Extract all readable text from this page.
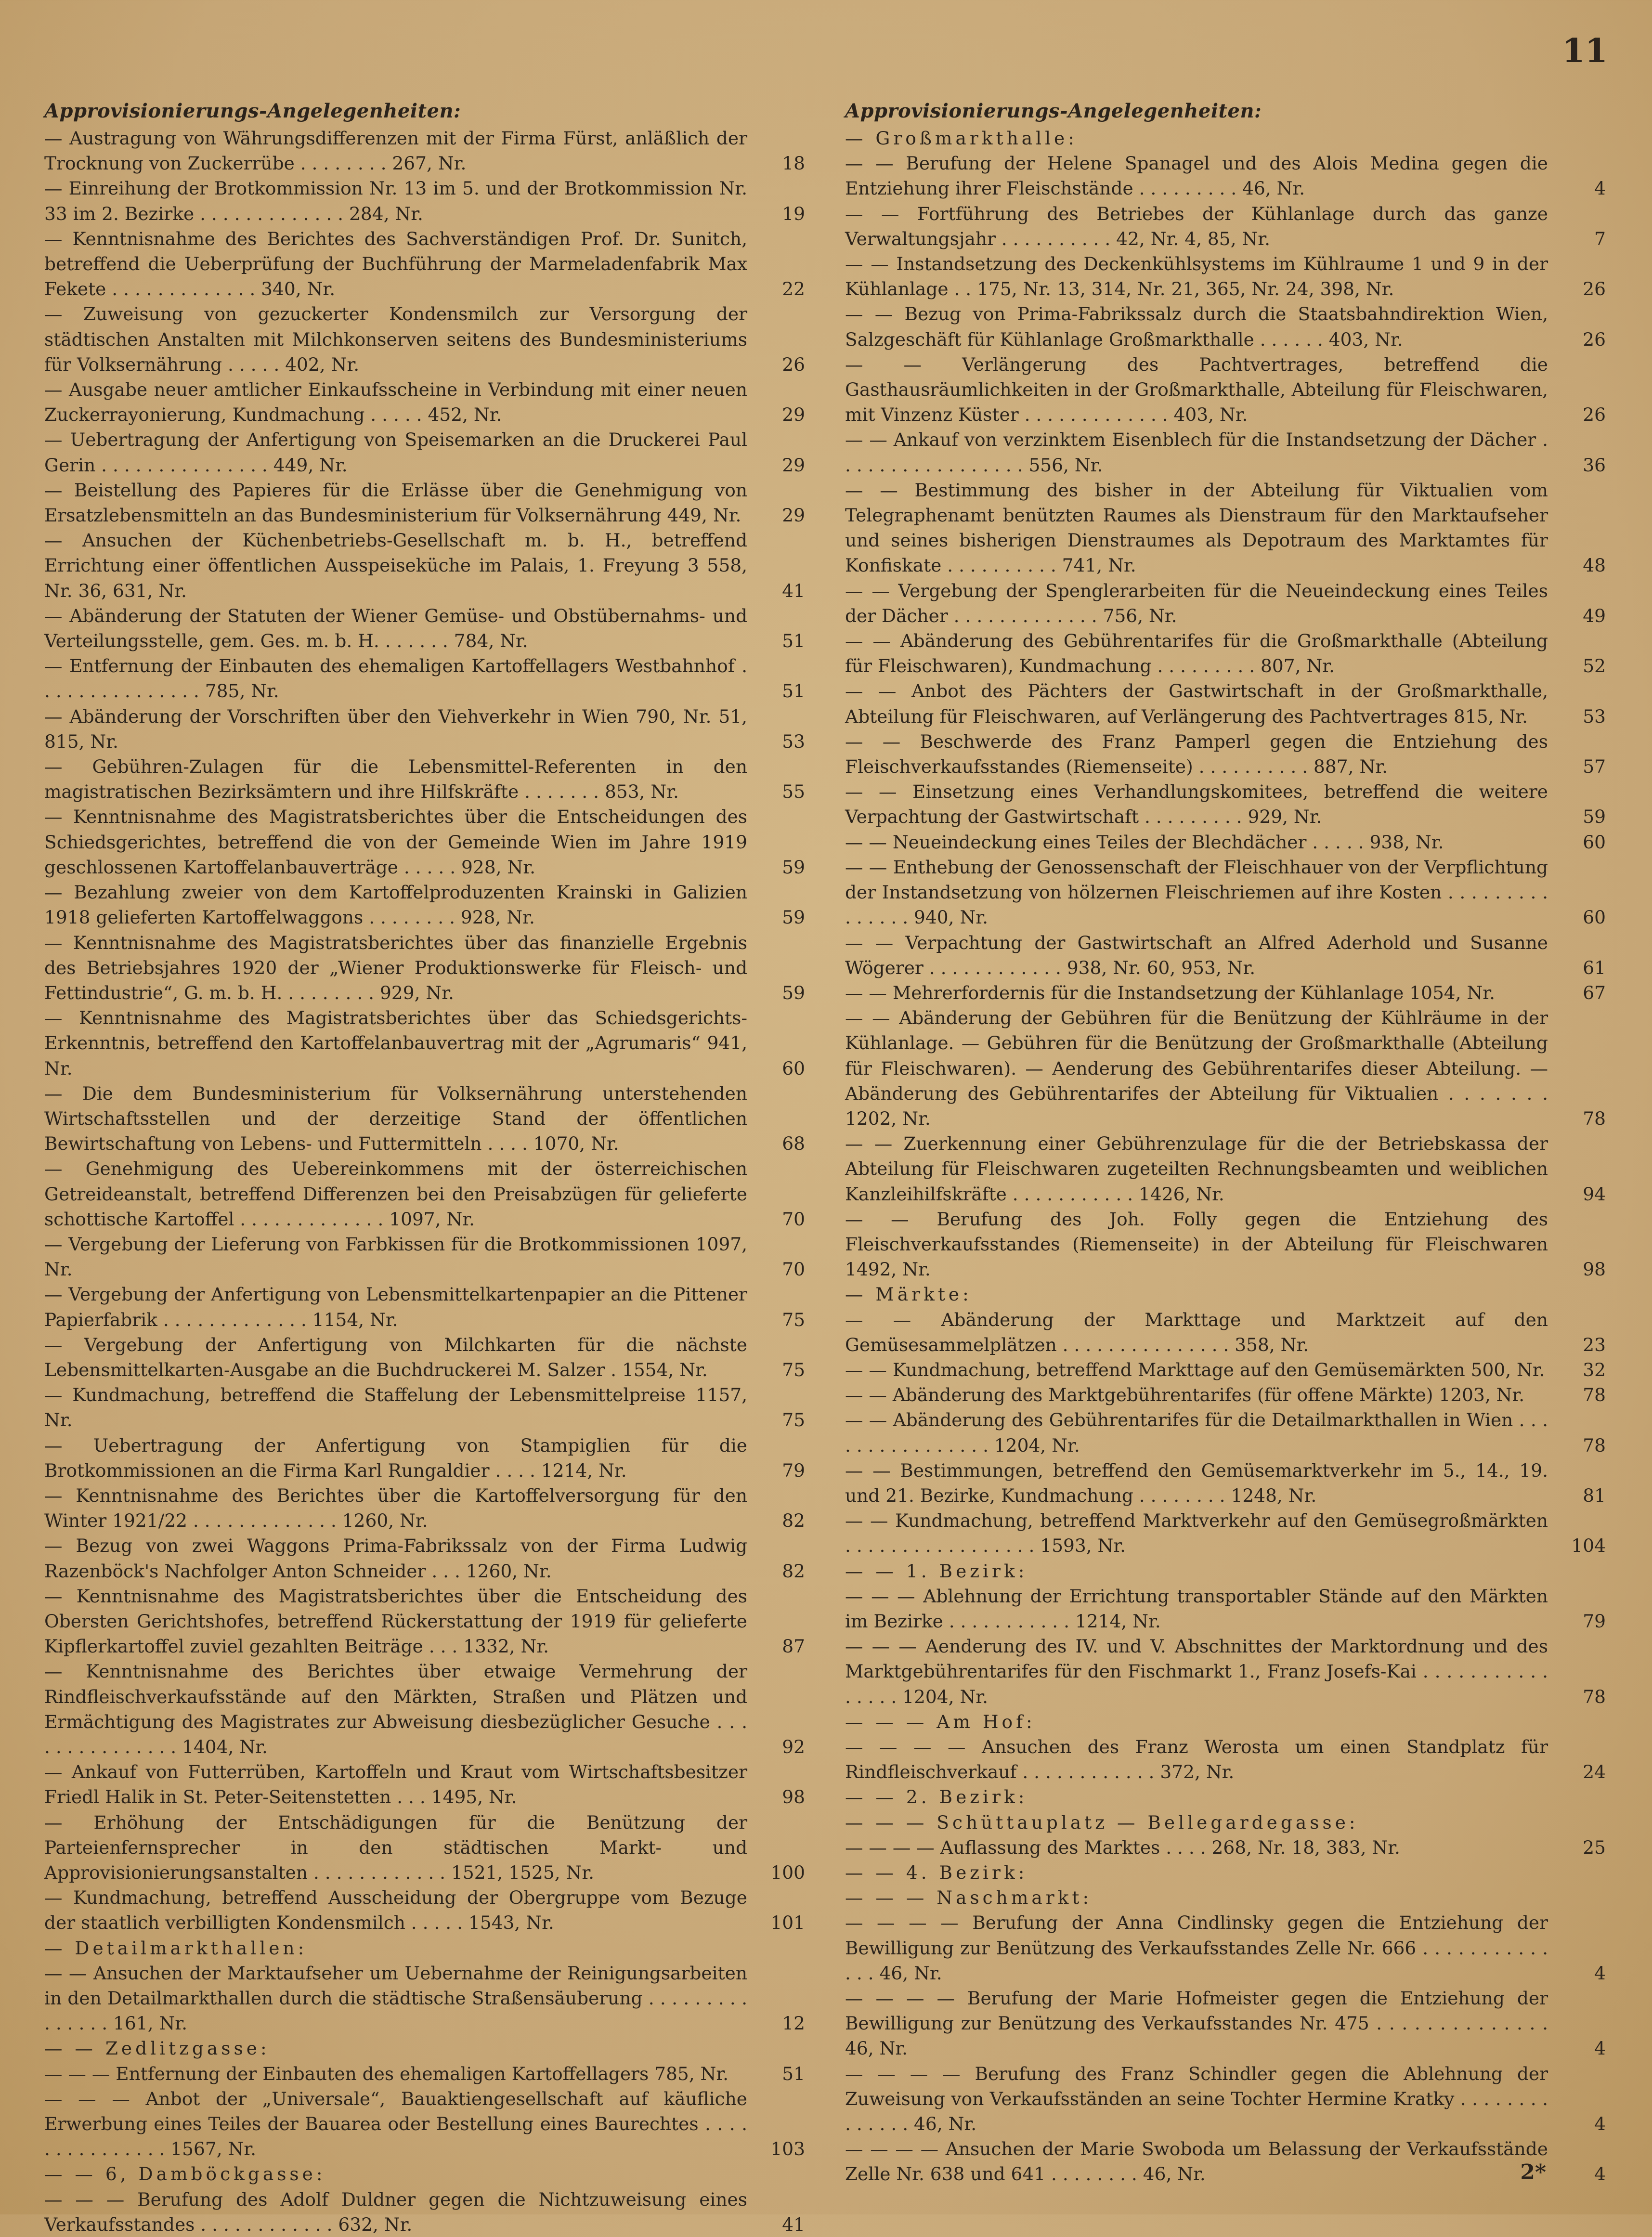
11
Approvisionierungs-Angelegenheiten:
— Austragung von Währungsdifferenzen mit der Firma Fürst, anläßlich der Trocknung von Zuckerrübe . . . . . . . . 267, Nr.	18
— Einreihung der Brotkommission Nr. 13 im 5. und der Brotkommission Nr. 33 im 2. Bezirke . . . . . . . . . . . . . 284, Nr.	19
— Kenntnisnahme des Berichtes des Sachverständigen Prof. Dr. Sunitch, betreffend die Ueberprüfung der Buchführung der Marmeladenfabrik Max Fekete . . . . . . . . . . . . . 340, Nr.	22
— Zuweisung von gezuckerter Kondensmilch zur Versorgung der städtischen Anstalten mit Milchkonserven seitens des Bundesministeriums für Volksernährung . . . . . 402, Nr.	26
— Ausgabe neuer amtlicher Einkaufsscheine in Verbindung mit einer neuen Zuckerrayonierung, Kundmachung . . . . . 452, Nr.	29
— Uebertragung der Anfertigung von Speisemarken an die Druckerei Paul Gerin . . . . . . . . . . . . . . . 449, Nr.	29
— Beistellung des Papieres für die Erlässe über die Genehmigung von Ersatzlebensmitteln an das Bundesministerium für Volksernährung 449, Nr.	29
— Ansuchen der Küchenbetriebs-Gesellschaft m. b. H., betreffend Errichtung einer öffentlichen Ausspeiseküche im Palais, 1. Freyung 3 558, Nr. 36, 631, Nr.	41
— Abänderung der Statuten der Wiener Gemüse- und Obstübernahms- und Verteilungsstelle, gem. Ges. m. b. H. . . . . . . 784, Nr.	51
— Entfernung der Einbauten des ehemaligen Kartoffellagers Westbahnhof . . . . . . . . . . . . . . . 785, Nr.	51
— Abänderung der Vorschriften über den Viehverkehr in Wien 790, Nr. 51, 815, Nr.	53
— Gebühren-Zulagen für die Lebensmittel-Referenten in den magistratischen Bezirksämtern und ihre Hilfskräfte . . . . . . . 853, Nr.	55
— Kenntnisnahme des Magistratsberichtes über die Entscheidungen des Schiedsgerichtes, betreffend die von der Gemeinde Wien im Jahre 1919 geschlossenen Kartoffelanbauverträge . . . . . 928, Nr.	59
— Bezahlung zweier von dem Kartoffelproduzenten Krainski in Galizien 1918 gelieferten Kartoffelwaggons . . . . . . . . 928, Nr.	59
— Kenntnisnahme des Magistratsberichtes über das finanzielle Ergebnis des Betriebsjahres 1920 der „Wiener Produktionswerke für Fleisch- und Fettindustrie“, G. m. b. H. . . . . . . . . 929, Nr.	59
— Kenntnisnahme des Magistratsberichtes über das Schiedsgerichts-Erkenntnis, betreffend den Kartoffelanbauvertrag mit der „Agrumaris“ 941, Nr.	60
— Die dem Bundesministerium für Volksernährung unterstehenden Wirtschaftsstellen und der derzeitige Stand der öffentlichen Bewirtschaftung von Lebens- und Futtermitteln . . . . 1070, Nr.	68
— Genehmigung des Uebereinkommens mit der österreichischen Getreideanstalt, betreffend Differenzen bei den Preisabzügen für gelieferte schottische Kartoffel . . . . . . . . . . . . . 1097, Nr.	70
— Vergebung der Lieferung von Farbkissen für die Brotkommissionen 1097, Nr.	70
— Vergebung der Anfertigung von Lebensmittelkartenpapier an die Pittener Papierfabrik . . . . . . . . . . . . . 1154, Nr.	75
— Vergebung der Anfertigung von Milchkarten für die nächste Lebensmittelkarten-Ausgabe an die Buchdruckerei M. Salzer . 1554, Nr.	75
— Kundmachung, betreffend die Staffelung der Lebensmittelpreise 1157, Nr.	75
— Uebertragung der Anfertigung von Stampiglien für die Brotkommissionen an die Firma Karl Rungaldier . . . . 1214, Nr.	79
— Kenntnisnahme des Berichtes über die Kartoffelversorgung für den Winter 1921/22 . . . . . . . . . . . . . 1260, Nr.	82
— Bezug von zwei Waggons Prima-Fabrikssalz von der Firma Ludwig Razenböck's Nachfolger Anton Schneider . . . 1260, Nr.	82
— Kenntnisnahme des Magistratsberichtes über die Entscheidung des Obersten Gerichtshofes, betreffend Rückerstattung der 1919 für gelieferte Kipflerkartoffel zuviel gezahlten Beiträge . . . 1332, Nr.	87
— Kenntnisnahme des Berichtes über etwaige Vermehrung der Rindfleischverkaufsstände auf den Märkten, Straßen und Plätzen und Ermächtigung des Magistrates zur Abweisung diesbezüglicher Gesuche . . . . . . . . . . . . . . . 1404, Nr.	92
— Ankauf von Futterrüben, Kartoffeln und Kraut vom Wirtschaftsbesitzer Friedl Halik in St. Peter-Seitenstetten . . . 1495, Nr.	98
— Erhöhung der Entschädigungen für die Benützung der Parteienfernsprecher in den städtischen Markt- und Approvisionierungsanstalten . . . . . . . . . . . . 1521, 1525, Nr.	100
— Kundmachung, betreffend Ausscheidung der Obergruppe vom Bezuge der staatlich verbilligten Kondensmilch . . . . . 1543, Nr.	101
— Detailmarkthallen:
— — Ansuchen der Marktaufseher um Uebernahme der Reinigungsarbeiten in den Detailmarkthallen durch die städtische Straßensäuberung . . . . . . . . . . . . . . . 161, Nr.	12
— — Zedlitzgasse:
— — — Entfernung der Einbauten des ehemaligen Kartoffellagers 785, Nr.	51
— — — Anbot der „Universale“, Bauaktiengesellschaft auf käufliche Erwerbung eines Teiles der Bauarea oder Bestellung eines Baurechtes . . . . . . . . . . . . . . . 1567, Nr.	103
— — 6, Damböckgasse:
— — — Berufung des Adolf Duldner gegen die Nichtzuweisung eines Verkaufsstandes . . . . . . . . . . . . 632, Nr.	41
Approvisionierungs-Angelegenheiten:
— Großmarkthalle:
— — Berufung der Helene Spanagel und des Alois Medina gegen die Entziehung ihrer Fleischstände . . . . . . . . . 46, Nr.	4
— — Fortführung des Betriebes der Kühlanlage durch das ganze Verwaltungsjahr . . . . . . . . . . 42, Nr. 4, 85, Nr.	7
— — Instandsetzung des Deckenkühlsystems im Kühlraume 1 und 9 in der Kühlanlage . . 175, Nr. 13, 314, Nr. 21, 365, Nr. 24, 398, Nr.	26
— — Bezug von Prima-Fabrikssalz durch die Staatsbahndirektion Wien, Salzgeschäft für Kühlanlage Großmarkthalle . . . . . . 403, Nr.	26
— — Verlängerung des Pachtvertrages, betreffend die Gasthausräumlichkeiten in der Großmarkthalle, Abteilung für Fleischwaren, mit Vinzenz Küster . . . . . . . . . . . . . 403, Nr.	26
— — Ankauf von verzinktem Eisenblech für die Instandsetzung der Dächer . . . . . . . . . . . . . . . . . 556, Nr.	36
— — Bestimmung des bisher in der Abteilung für Viktualien vom Telegraphenamt benützten Raumes als Dienstraum für den Marktaufseher und seines bisherigen Dienstraumes als Depotraum des Marktamtes für Konfiskate . . . . . . . . . . 741, Nr.	48
— — Vergebung der Spenglerarbeiten für die Neueindeckung eines Teiles der Dächer . . . . . . . . . . . . . 756, Nr.	49
— — Abänderung des Gebührentarifes für die Großmarkthalle (Abteilung für Fleischwaren), Kundmachung . . . . . . . . . 807, Nr.	52
— — Anbot des Pächters der Gastwirtschaft in der Großmarkthalle, Abteilung für Fleischwaren, auf Verlängerung des Pachtvertrages 815, Nr.	53
— — Beschwerde des Franz Pamperl gegen die Entziehung des Fleischverkaufsstandes (Riemenseite) . . . . . . . . . . 887, Nr.	57
— — Einsetzung eines Verhandlungskomitees, betreffend die weitere Verpachtung der Gastwirtschaft . . . . . . . . . 929, Nr.	59
— — Neueindeckung eines Teiles der Blechdächer . . . . . 938, Nr.	60
— — Enthebung der Genossenschaft der Fleischhauer von der Verpflichtung der Instandsetzung von hölzernen Fleischriemen auf ihre Kosten . . . . . . . . . . . . . . . 940, Nr.	60
— — Verpachtung der Gastwirtschaft an Alfred Aderhold und Susanne Wögerer . . . . . . . . . . . . 938, Nr. 60, 953, Nr.	61
— — Mehrerfordernis für die Instandsetzung der Kühlanlage 1054, Nr.	67
— — Abänderung der Gebühren für die Benützung der Kühlräume in der Kühlanlage. — Gebühren für die Benützung der Großmarkthalle (Abteilung für Fleischwaren). — Aenderung des Gebührentarifes dieser Abteilung. — Abänderung des Gebührentarifes der Abteilung für Viktualien . . . . . . . 1202, Nr.	78
— — Zuerkennung einer Gebührenzulage für die der Betriebskassa der Abteilung für Fleischwaren zugeteilten Rechnungsbeamten und weiblichen Kanzleihilfskräfte . . . . . . . . . . . 1426, Nr.	94
— — Berufung des Joh. Folly gegen die Entziehung des Fleischverkaufsstandes (Riemenseite) in der Abteilung für Fleischwaren 1492, Nr.	98
— Märkte:
— — Abänderung der Markttage und Marktzeit auf den Gemüsesammelplätzen . . . . . . . . . . . . . . . 358, Nr.	23
— — Kundmachung, betreffend Markttage auf den Gemüsemärkten 500, Nr.	32
— — Abänderung des Marktgebührentarifes (für offene Märkte) 1203, Nr.	78
— — Abänderung des Gebührentarifes für die Detailmarkthallen in Wien . . . . . . . . . . . . . . . . 1204, Nr.	78
— — Bestimmungen, betreffend den Gemüsemarktverkehr im 5., 14., 19. und 21. Bezirke, Kundmachung . . . . . . . . 1248, Nr.	81
— — Kundmachung, betreffend Marktverkehr auf den Gemüsegroßmärkten . . . . . . . . . . . . . . . . . 1593, Nr.	104
— — 1. Bezirk:
— — — Ablehnung der Errichtung transportabler Stände auf den Märkten im Bezirke . . . . . . . . . . . 1214, Nr.	79
— — — Aenderung des IV. und V. Abschnittes der Marktordnung und des Marktgebührentarifes für den Fischmarkt 1., Franz Josefs-Kai . . . . . . . . . . . . . . . . 1204, Nr.	78
— — — Am Hof:
— — — — Ansuchen des Franz Werosta um einen Standplatz für Rindfleischverkauf . . . . . . . . . . . . 372, Nr.	24
— — 2. Bezirk:
— — — Schüttauplatz — Bellegardegasse:
— — — — Auflassung des Marktes . . . . 268, Nr. 18, 383, Nr.	25
— — 4. Bezirk:
— — — Naschmarkt:
— — — — Berufung der Anna Cindlinsky gegen die Entziehung der Bewilligung zur Benützung des Verkaufsstandes Zelle Nr. 666 . . . . . . . . . . . . . . 46, Nr.	4
— — — — Berufung der Marie Hofmeister gegen die Entziehung der Bewilligung zur Benützung des Verkaufsstandes Nr. 475 . . . . . . . . . . . . . . 46, Nr.	4
— — — — Berufung des Franz Schindler gegen die Ablehnung der Zuweisung von Verkaufsständen an seine Tochter Hermine Kratky . . . . . . . . . . . . . . 46, Nr.	4
— — — — Ansuchen der Marie Swoboda um Belassung der Verkaufsstände Zelle Nr. 638 und 641 . . . . . . . . 46, Nr.	4
2*
